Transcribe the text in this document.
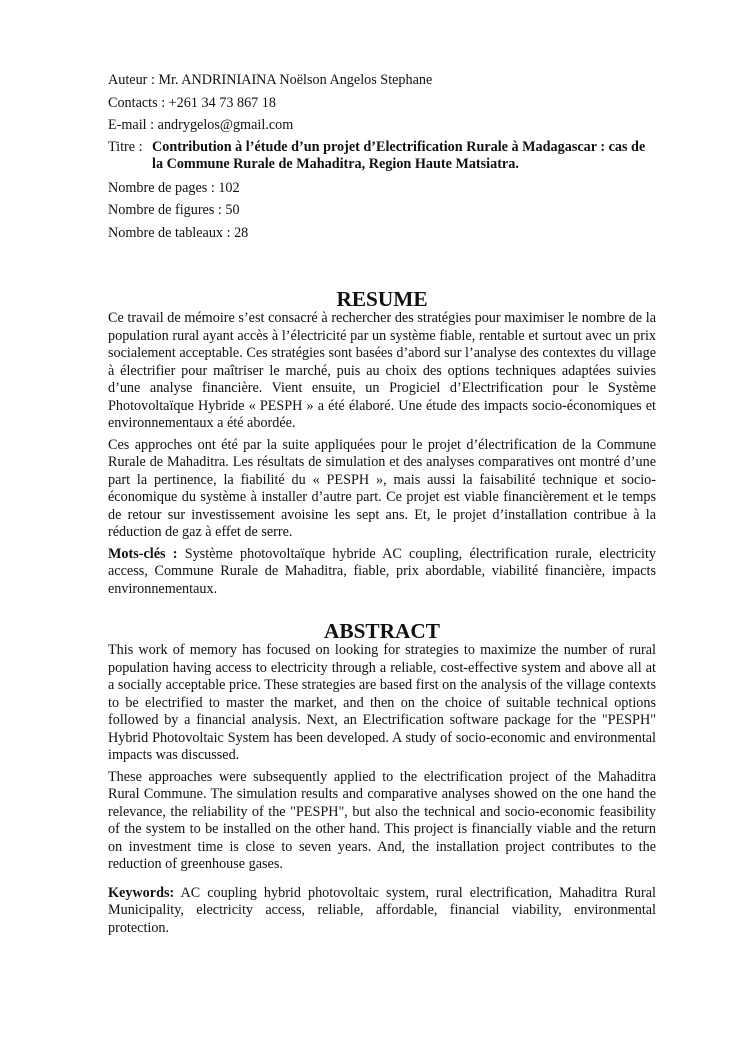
Auteur : Mr. ANDRINIAINA Noëlson Angelos Stephane
Contacts : +261 34 73 867 18
E-mail : andrygelos@gmail.com
Titre : Contribution à l’étude d’un projet d’Electrification Rurale à Madagascar : cas de la Commune Rurale de Mahaditra, Region Haute Matsiatra.
Nombre de pages : 102
Nombre de figures : 50
Nombre de tableaux : 28
RESUME

Ce travail de mémoire s’est consacré à rechercher des stratégies pour maximiser le nombre de la population rural ayant accès à l’électricité par un système fiable, rentable et surtout avec un prix socialement acceptable. Ces stratégies sont basées d’abord sur l’analyse des contextes du village à électrifier pour maîtriser le marché, puis au choix des options techniques adaptées suivies d’une analyse financière. Vient ensuite, un Progiciel d’Electrification pour le Système Photovoltaïque Hybride « PESPH » a été élaboré. Une étude des impacts socio-économiques et environnementaux a été abordée.

Ces approches ont été par la suite appliquées pour le projet d’électrification de la Commune Rurale de Mahaditra. Les résultats de simulation et des analyses comparatives ont montré d’une part la pertinence, la fiabilité du « PESPH », mais aussi la faisabilité technique et socio-économique du système à installer d’autre part. Ce projet est viable financièrement et le temps de retour sur investissement avoisine les sept ans. Et, le projet d’installation contribue à la réduction de gaz à effet de serre.

Mots-clés : Système photovoltaïque hybride AC coupling, électrification rurale, electricity access, Commune Rurale de Mahaditra, fiable, prix abordable, viabilité financière, impacts environnementaux.

ABSTRACT

This work of memory has focused on looking for strategies to maximize the number of rural population having access to electricity through a reliable, cost-effective system and above all at a socially acceptable price. These strategies are based first on the analysis of the village contexts to be electrified to master the market, and then on the choice of suitable technical options followed by a financial analysis. Next, an Electrification software package for the "PESPH" Hybrid Photovoltaic System has been developed. A study of socio-economic and environmental impacts was discussed.

These approaches were subsequently applied to the electrification project of the Mahaditra Rural Commune. The simulation results and comparative analyses showed on the one hand the relevance, the reliability of the "PESPH", but also the technical and socio-economic feasibility of the system to be installed on the other hand. This project is financially viable and the return on investment time is close to seven years. And, the installation project contributes to the reduction of greenhouse gases.

Keywords: AC coupling hybrid photovoltaic system, rural electrification, Mahaditra Rural Municipality, electricity access, reliable, affordable, financial viability, environmental protection.
